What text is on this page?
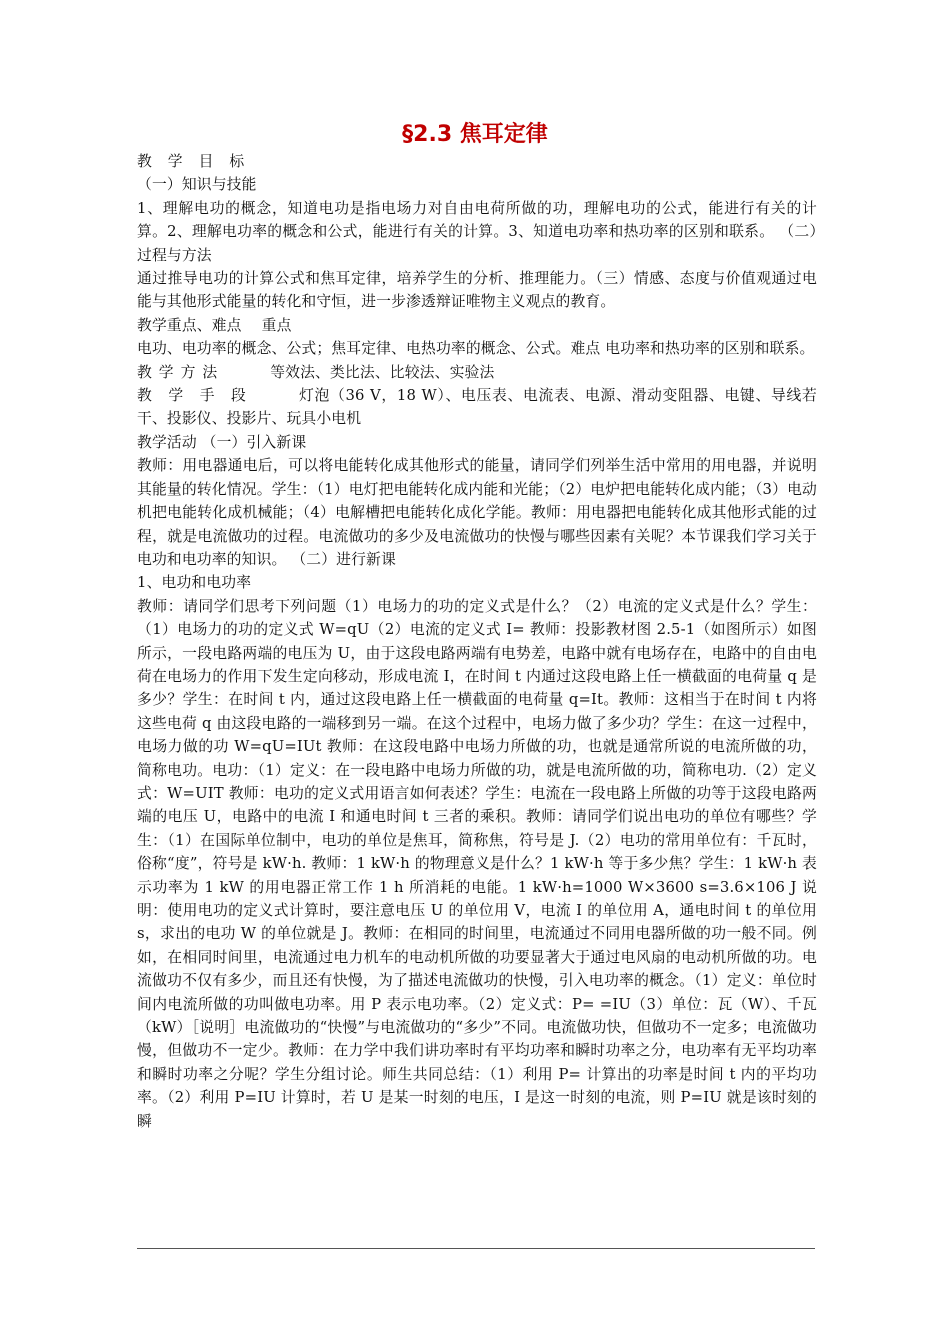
§2.3 焦耳定律

教学目标

（一）知识与技能

1、理解电功的概念，知道电功是指电场力对自由电荷所做的功，理解电功的公式，能进行有关的计算。2、理解电功率的概念和公式，能进行有关的计算。3、知道电功率和热功率的区别和联系。 （二）过程与方法

通过推导电功的计算公式和焦耳定律，培养学生的分析、推理能力。（三）情感、态度与价值观通过电能与其他形式能量的转化和守恒，进一步渗透辩证唯物主义观点的教育。

教学重点、难点 重点

电功、电功率的概念、公式；焦耳定律、电热功率的概念、公式。难点 电功率和热功率的区别和联系。

教学方法	等效法、类比法、比较法、实验法

教学手段 灯泡（36 V，18 W）、电压表、电流表、电源、滑动变阻器、电键、导线若干、投影仪、投影片、玩具小电机

教学活动 （一）引入新课

教师：用电器通电后，可以将电能转化成其他形式的能量，请同学们列举生活中常用的用电器，并说明其能量的转化情况。学生：（1）电灯把电能转化成内能和光能；（2）电炉把电能转化成内能；（3）电动机把电能转化成机械能；（4）电解槽把电能转化成化学能。教师：用电器把电能转化成其他形式能的过程，就是电流做功的过程。电流做功的多少及电流做功的快慢与哪些因素有关呢？本节课我们学习关于电功和电功率的知识。 （二）进行新课

1、电功和电功率

教师：请同学们思考下列问题（1）电场力的功的定义式是什么？（2）电流的定义式是什么？学生：（1）电场力的功的定义式 W=qU（2）电流的定义式 I= 教师：投影教材图 2.5-1（如图所示）如图所示，一段电路两端的电压为 U，由于这段电路两端有电势差，电路中就有电场存在，电路中的自由电荷在电场力的作用下发生定向移动，形成电流 I，在时间 t 内通过这段电路上任一横截面的电荷量 q 是多少？学生：在时间 t 内，通过这段电路上任一横截面的电荷量 q=It。教师：这相当于在时间 t 内将这些电荷 q 由这段电路的一端移到另一端。在这个过程中，电场力做了多少功？学生：在这一过程中，电场力做的功 W=qU=IUt 教师：在这段电路中电场力所做的功，也就是通常所说的电流所做的功，简称电功。电功：（1）定义：在一段电路中电场力所做的功，就是电流所做的功，简称电功.（2）定义式：W=UIT 教师：电功的定义式用语言如何表述？学生：电流在一段电路上所做的功等于这段电路两端的电压 U，电路中的电流 I 和通电时间 t 三者的乘积。教师：请同学们说出电功的单位有哪些？学生：（1）在国际单位制中，电功的单位是焦耳，简称焦，符号是 J.（2）电功的常用单位有：千瓦时，俗称“度”，符号是 kW·h. 教师：1 kW·h 的物理意义是什么？1 kW·h 等于多少焦？学生：1 kW·h 表示功率为 1 kW 的用电器正常工作 1 h 所消耗的电能。1 kW·h=1000 W×3600 s=3.6×106 J 说明：使用电功的定义式计算时，要注意电压 U 的单位用 V，电流 I 的单位用 A，通电时间 t 的单位用 s，求出的电功 W 的单位就是 J。教师：在相同的时间里，电流通过不同用电器所做的功一般不同。例如，在相同时间里，电流通过电力机车的电动机所做的功要显著大于通过电风扇的电动机所做的功。电流做功不仅有多少，而且还有快慢，为了描述电流做功的快慢，引入电功率的概念。（1）定义：单位时间内电流所做的功叫做电功率。用 P 表示电功率。（2）定义式：P= =IU（3）单位：瓦（W）、千瓦（kW）［说明］电流做功的“快慢”与电流做功的“多少”不同。电流做功快，但做功不一定多；电流做功慢，但做功不一定少。教师：在力学中我们讲功率时有平均功率和瞬时功率之分，电功率有无平均功率和瞬时功率之分呢？学生分组讨论。师生共同总结：（1）利用 P= 计算出的功率是时间 t 内的平均功率。（2）利用 P=IU 计算时，若 U 是某一时刻的电压，I 是这一时刻的电流，则 P=IU 就是该时刻的瞬
